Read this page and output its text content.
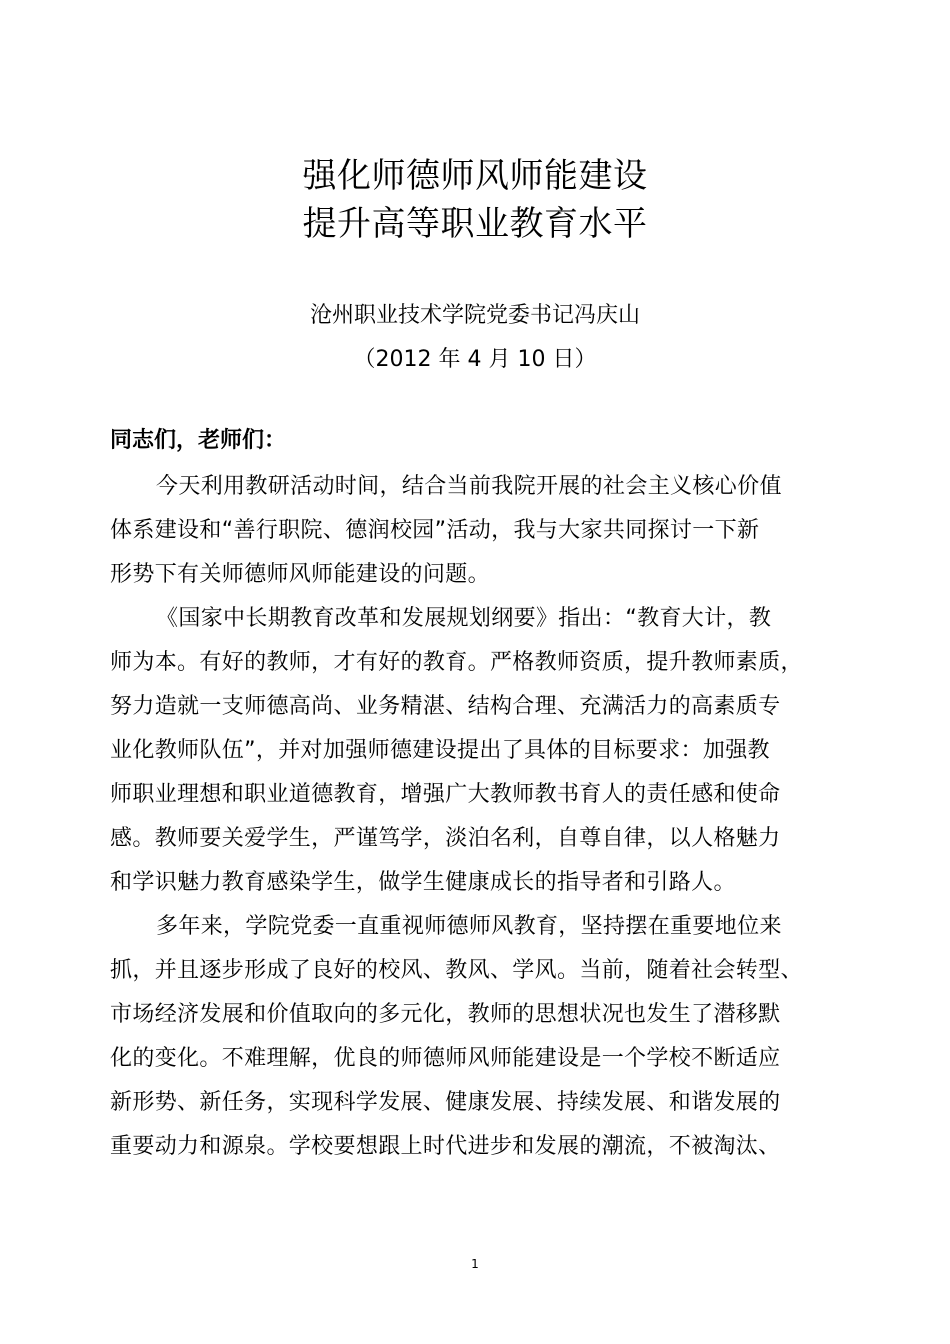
强化师德师风师能建设
提升高等职业教育水平
沧州职业技术学院党委书记冯庆山
（2012 年 4 月 10 日）
同志们，老师们：
今天利用教研活动时间，结合当前我院开展的社会主义核心价值
体系建设和“善行职院、德润校园”活动，我与大家共同探讨一下新
形势下有关师德师风师能建设的问题。
《国家中长期教育改革和发展规划纲要》指出：“教育大计，教
师为本。有好的教师，才有好的教育。严格教师资质，提升教师素质，
努力造就一支师德高尚、业务精湛、结构合理、充满活力的高素质专
业化教师队伍”，并对加强师德建设提出了具体的目标要求：加强教
师职业理想和职业道德教育，增强广大教师教书育人的责任感和使命
感。教师要关爱学生，严谨笃学，淡泊名利，自尊自律，以人格魅力
和学识魅力教育感染学生，做学生健康成长的指导者和引路人。
多年来，学院党委一直重视师德师风教育，坚持摆在重要地位来
抓，并且逐步形成了良好的校风、教风、学风。当前，随着社会转型、
市场经济发展和价值取向的多元化，教师的思想状况也发生了潜移默
化的变化。不难理解，优良的师德师风师能建设是一个学校不断适应
新形势、新任务，实现科学发展、健康发展、持续发展、和谐发展的
重要动力和源泉。学校要想跟上时代进步和发展的潮流，不被淘汰、
1
